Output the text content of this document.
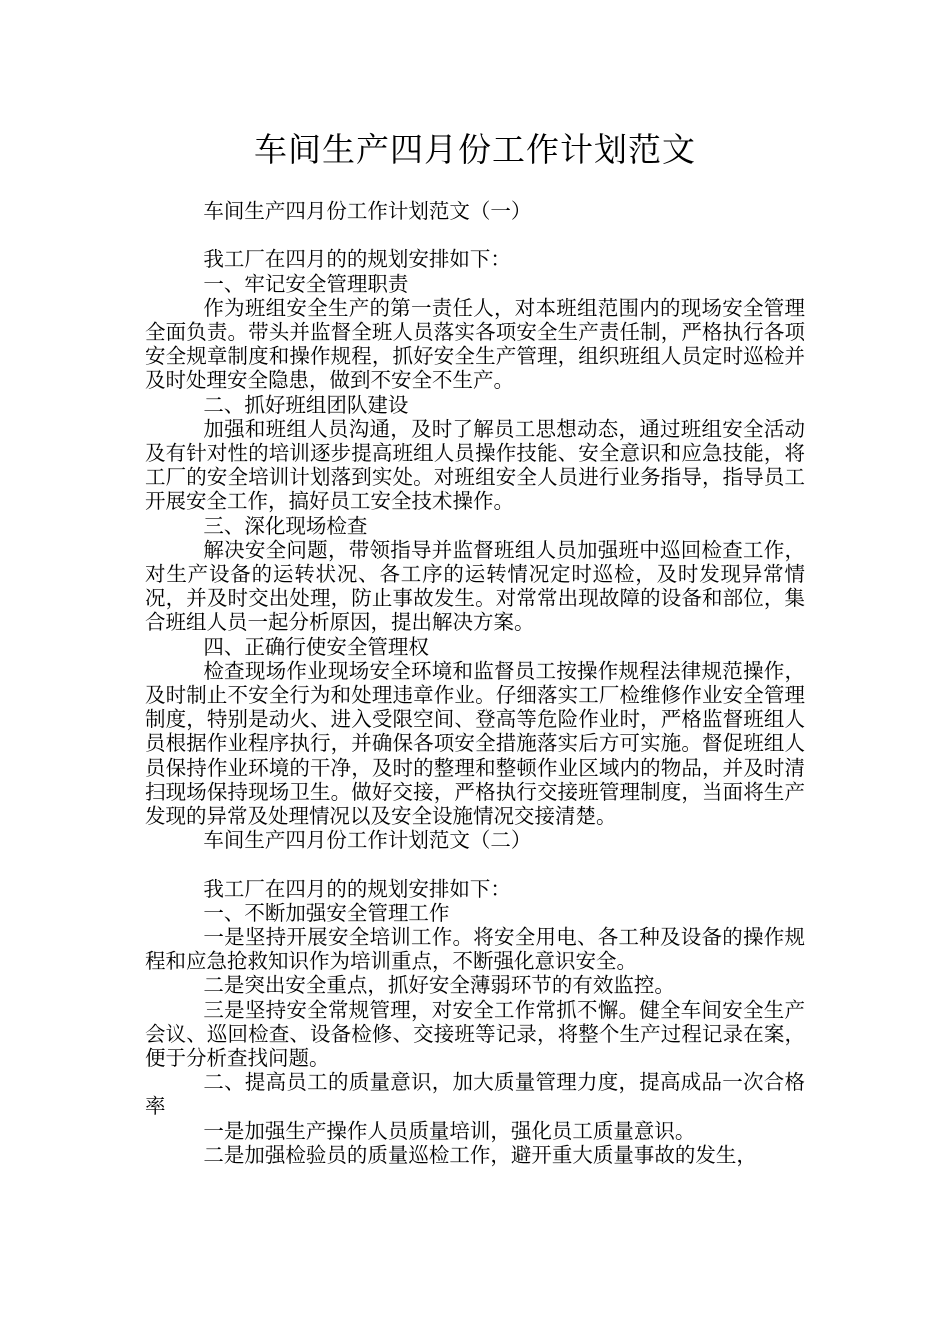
车间生产四月份工作计划范文

车间生产四月份工作计划范文（一）

我工厂在四月的的规划安排如下：

一、牢记安全管理职责

作为班组安全生产的第一责任人，对本班组范围内的现场安全管理全面负责。带头并监督全班人员落实各项安全生产责任制，严格执行各项安全规章制度和操作规程，抓好安全生产管理，组织班组人员定时巡检并及时处理安全隐患，做到不安全不生产。

二、抓好班组团队建设

加强和班组人员沟通，及时了解员工思想动态，通过班组安全活动及有针对性的培训逐步提高班组人员操作技能、安全意识和应急技能，将工厂的安全培训计划落到实处。对班组安全人员进行业务指导，指导员工开展安全工作，搞好员工安全技术操作。

三、深化现场检查

解决安全问题，带领指导并监督班组人员加强班中巡回检查工作，对生产设备的运转状况、各工序的运转情况定时巡检，及时发现异常情况，并及时交出处理，防止事故发生。对常常出现故障的设备和部位，集合班组人员一起分析原因，提出解决方案。

四、正确行使安全管理权

检查现场作业现场安全环境和监督员工按操作规程法律规范操作，及时制止不安全行为和处理违章作业。仔细落实工厂检维修作业安全管理制度，特别是动火、进入受限空间、登高等危险作业时，严格监督班组人员根据作业程序执行，并确保各项安全措施落实后方可实施。督促班组人员保持作业环境的干净，及时的整理和整顿作业区域内的物品，并及时清扫现场保持现场卫生。做好交接，严格执行交接班管理制度，当面将生产发现的异常及处理情况以及安全设施情况交接清楚。

车间生产四月份工作计划范文（二）

我工厂在四月的的规划安排如下：

一、不断加强安全管理工作

一是坚持开展安全培训工作。将安全用电、各工种及设备的操作规程和应急抢救知识作为培训重点，不断强化意识安全。

二是突出安全重点，抓好安全薄弱环节的有效监控。

三是坚持安全常规管理，对安全工作常抓不懈。健全车间安全生产会议、巡回检查、设备检修、交接班等记录，将整个生产过程记录在案，便于分析查找问题。

二、提高员工的质量意识，加大质量管理力度，提高成品一次合格率

一是加强生产操作人员质量培训，强化员工质量意识。

二是加强检验员的质量巡检工作，避开重大质量事故的发生，
